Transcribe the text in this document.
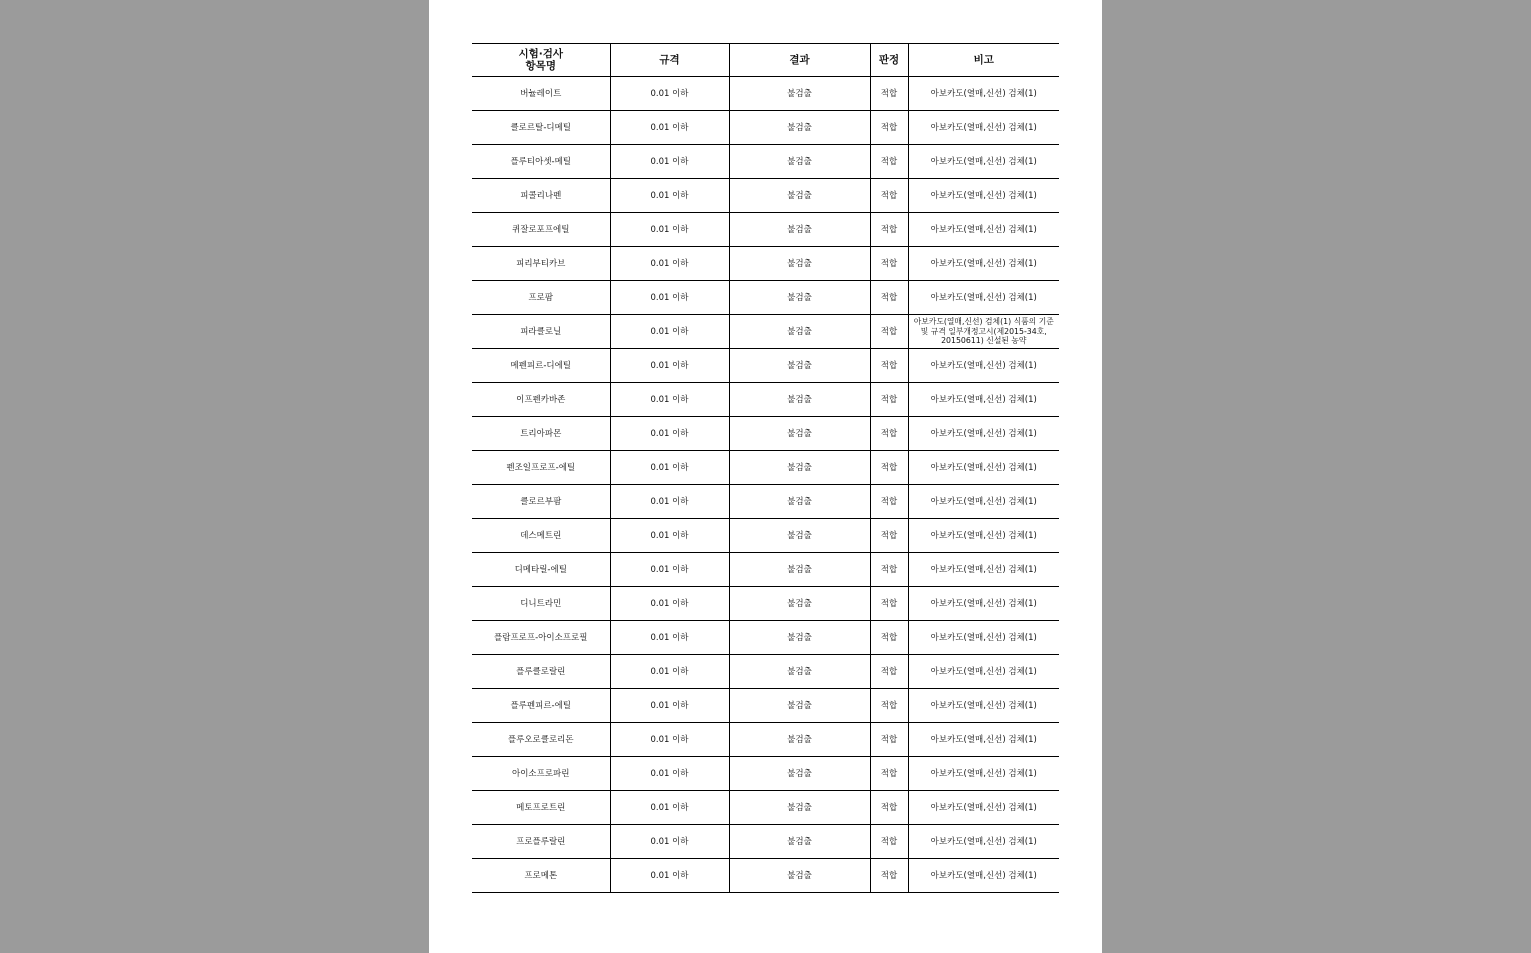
시험·검사
항목명	규격	결과	판정	비고
버뉼레이트	0.01 이하	불검출	적합	아보카도(열매,신선) 검체(1)
클로르탈-디메틸	0.01 이하	불검출	적합	아보카도(열매,신선) 검체(1)
플루티아셋-메틸	0.01 이하	불검출	적합	아보카도(열매,신선) 검체(1)
피콜리나펜	0.01 이하	불검출	적합	아보카도(열매,신선) 검체(1)
퀴잘로포프에틸	0.01 이하	불검출	적합	아보카도(열매,신선) 검체(1)
피리부티카브	0.01 이하	불검출	적합	아보카도(열매,신선) 검체(1)
프로팜	0.01 이하	불검출	적합	아보카도(열매,신선) 검체(1)
피라클로닐	0.01 이하	불검출	적합	아보카도(열매,신선) 검체(1) 식품의 기준 및 규격 일부개정고시(제2015-34호, 20150611) 신설된 농약
메펜피르-디에틸	0.01 이하	불검출	적합	아보카도(열매,신선) 검체(1)
이프펜카바존	0.01 이하	불검출	적합	아보카도(열매,신선) 검체(1)
트리아파몬	0.01 이하	불검출	적합	아보카도(열매,신선) 검체(1)
펜조일프로프-에틸	0.01 이하	불검출	적합	아보카도(열매,신선) 검체(1)
클로르부팜	0.01 이하	불검출	적합	아보카도(열매,신선) 검체(1)
데스메트린	0.01 이하	불검출	적합	아보카도(열매,신선) 검체(1)
디메타릴-에틸	0.01 이하	불검출	적합	아보카도(열매,신선) 검체(1)
디니트라민	0.01 이하	불검출	적합	아보카도(열매,신선) 검체(1)
플람프로프-아이소프로필	0.01 이하	불검출	적합	아보카도(열매,신선) 검체(1)
플루클로랄린	0.01 이하	불검출	적합	아보카도(열매,신선) 검체(1)
플루펜피르-에틸	0.01 이하	불검출	적합	아보카도(열매,신선) 검체(1)
플루오로클로리돈	0.01 이하	불검출	적합	아보카도(열매,신선) 검체(1)
아이소프로파린	0.01 이하	불검출	적합	아보카도(열매,신선) 검체(1)
메토프로트린	0.01 이하	불검출	적합	아보카도(열매,신선) 검체(1)
프로플루랄린	0.01 이하	불검출	적합	아보카도(열매,신선) 검체(1)
프로메톤	0.01 이하	불검출	적합	아보카도(열매,신선) 검체(1)
